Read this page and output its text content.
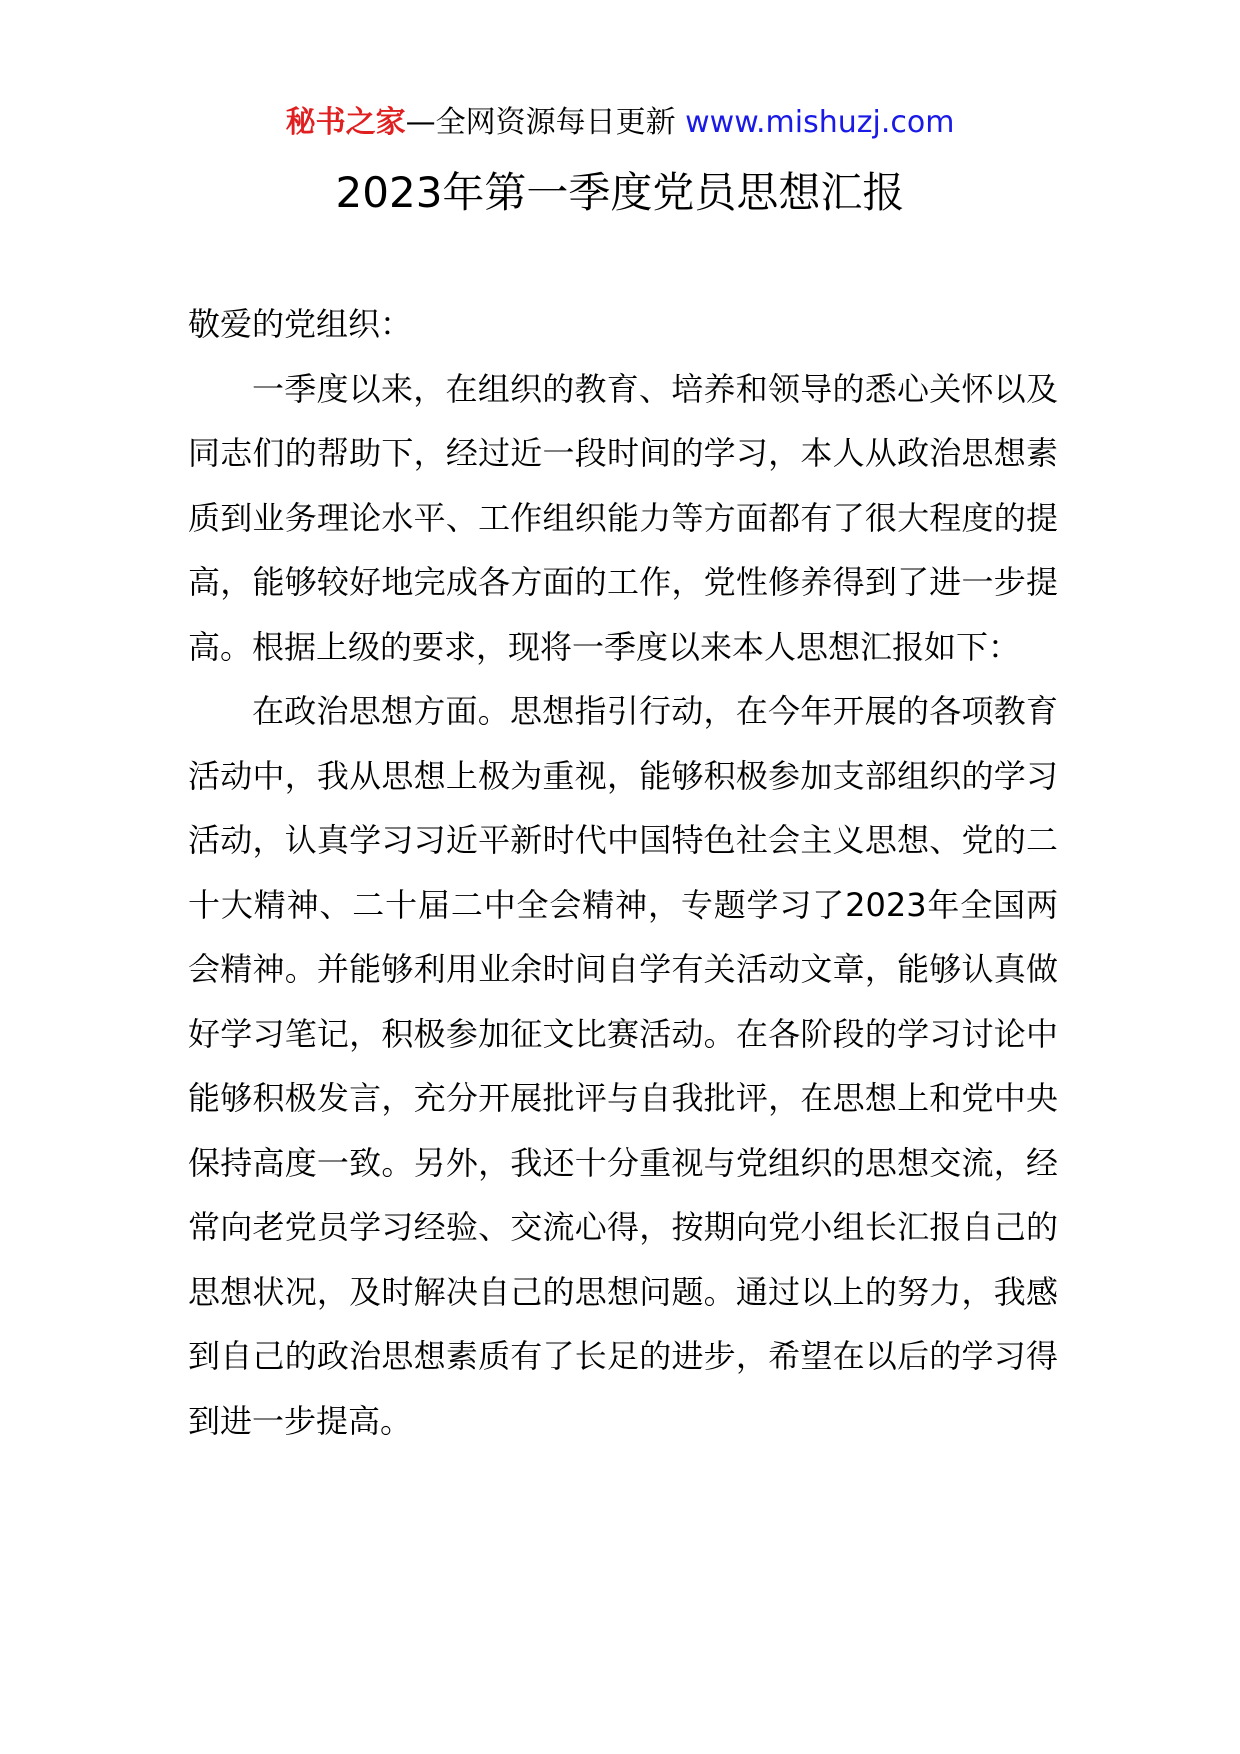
秘书之家—全网资源每日更新 www.mishuzj.com
2023年第一季度党员思想汇报

敬爱的党组织：

一季度以来，在组织的教育、培养和领导的悉心关怀以及同志们的帮助下，经过近一段时间的学习，本人从政治思想素质到业务理论水平、工作组织能力等方面都有了很大程度的提高，能够较好地完成各方面的工作，党性修养得到了进一步提高。根据上级的要求，现将一季度以来本人思想汇报如下：

在政治思想方面。思想指引行动，在今年开展的各项教育活动中，我从思想上极为重视，能够积极参加支部组织的学习活动，认真学习习近平新时代中国特色社会主义思想、党的二十大精神、二十届二中全会精神，专题学习了2023年全国两会精神。并能够利用业余时间自学有关活动文章，能够认真做好学习笔记，积极参加征文比赛活动。在各阶段的学习讨论中能够积极发言，充分开展批评与自我批评，在思想上和党中央保持高度一致。另外，我还十分重视与党组织的思想交流，经常向老党员学习经验、交流心得，按期向党小组长汇报自己的思想状况，及时解决自己的思想问题。通过以上的努力，我感到自己的政治思想素质有了长足的进步，希望在以后的学习得到进一步提高。
